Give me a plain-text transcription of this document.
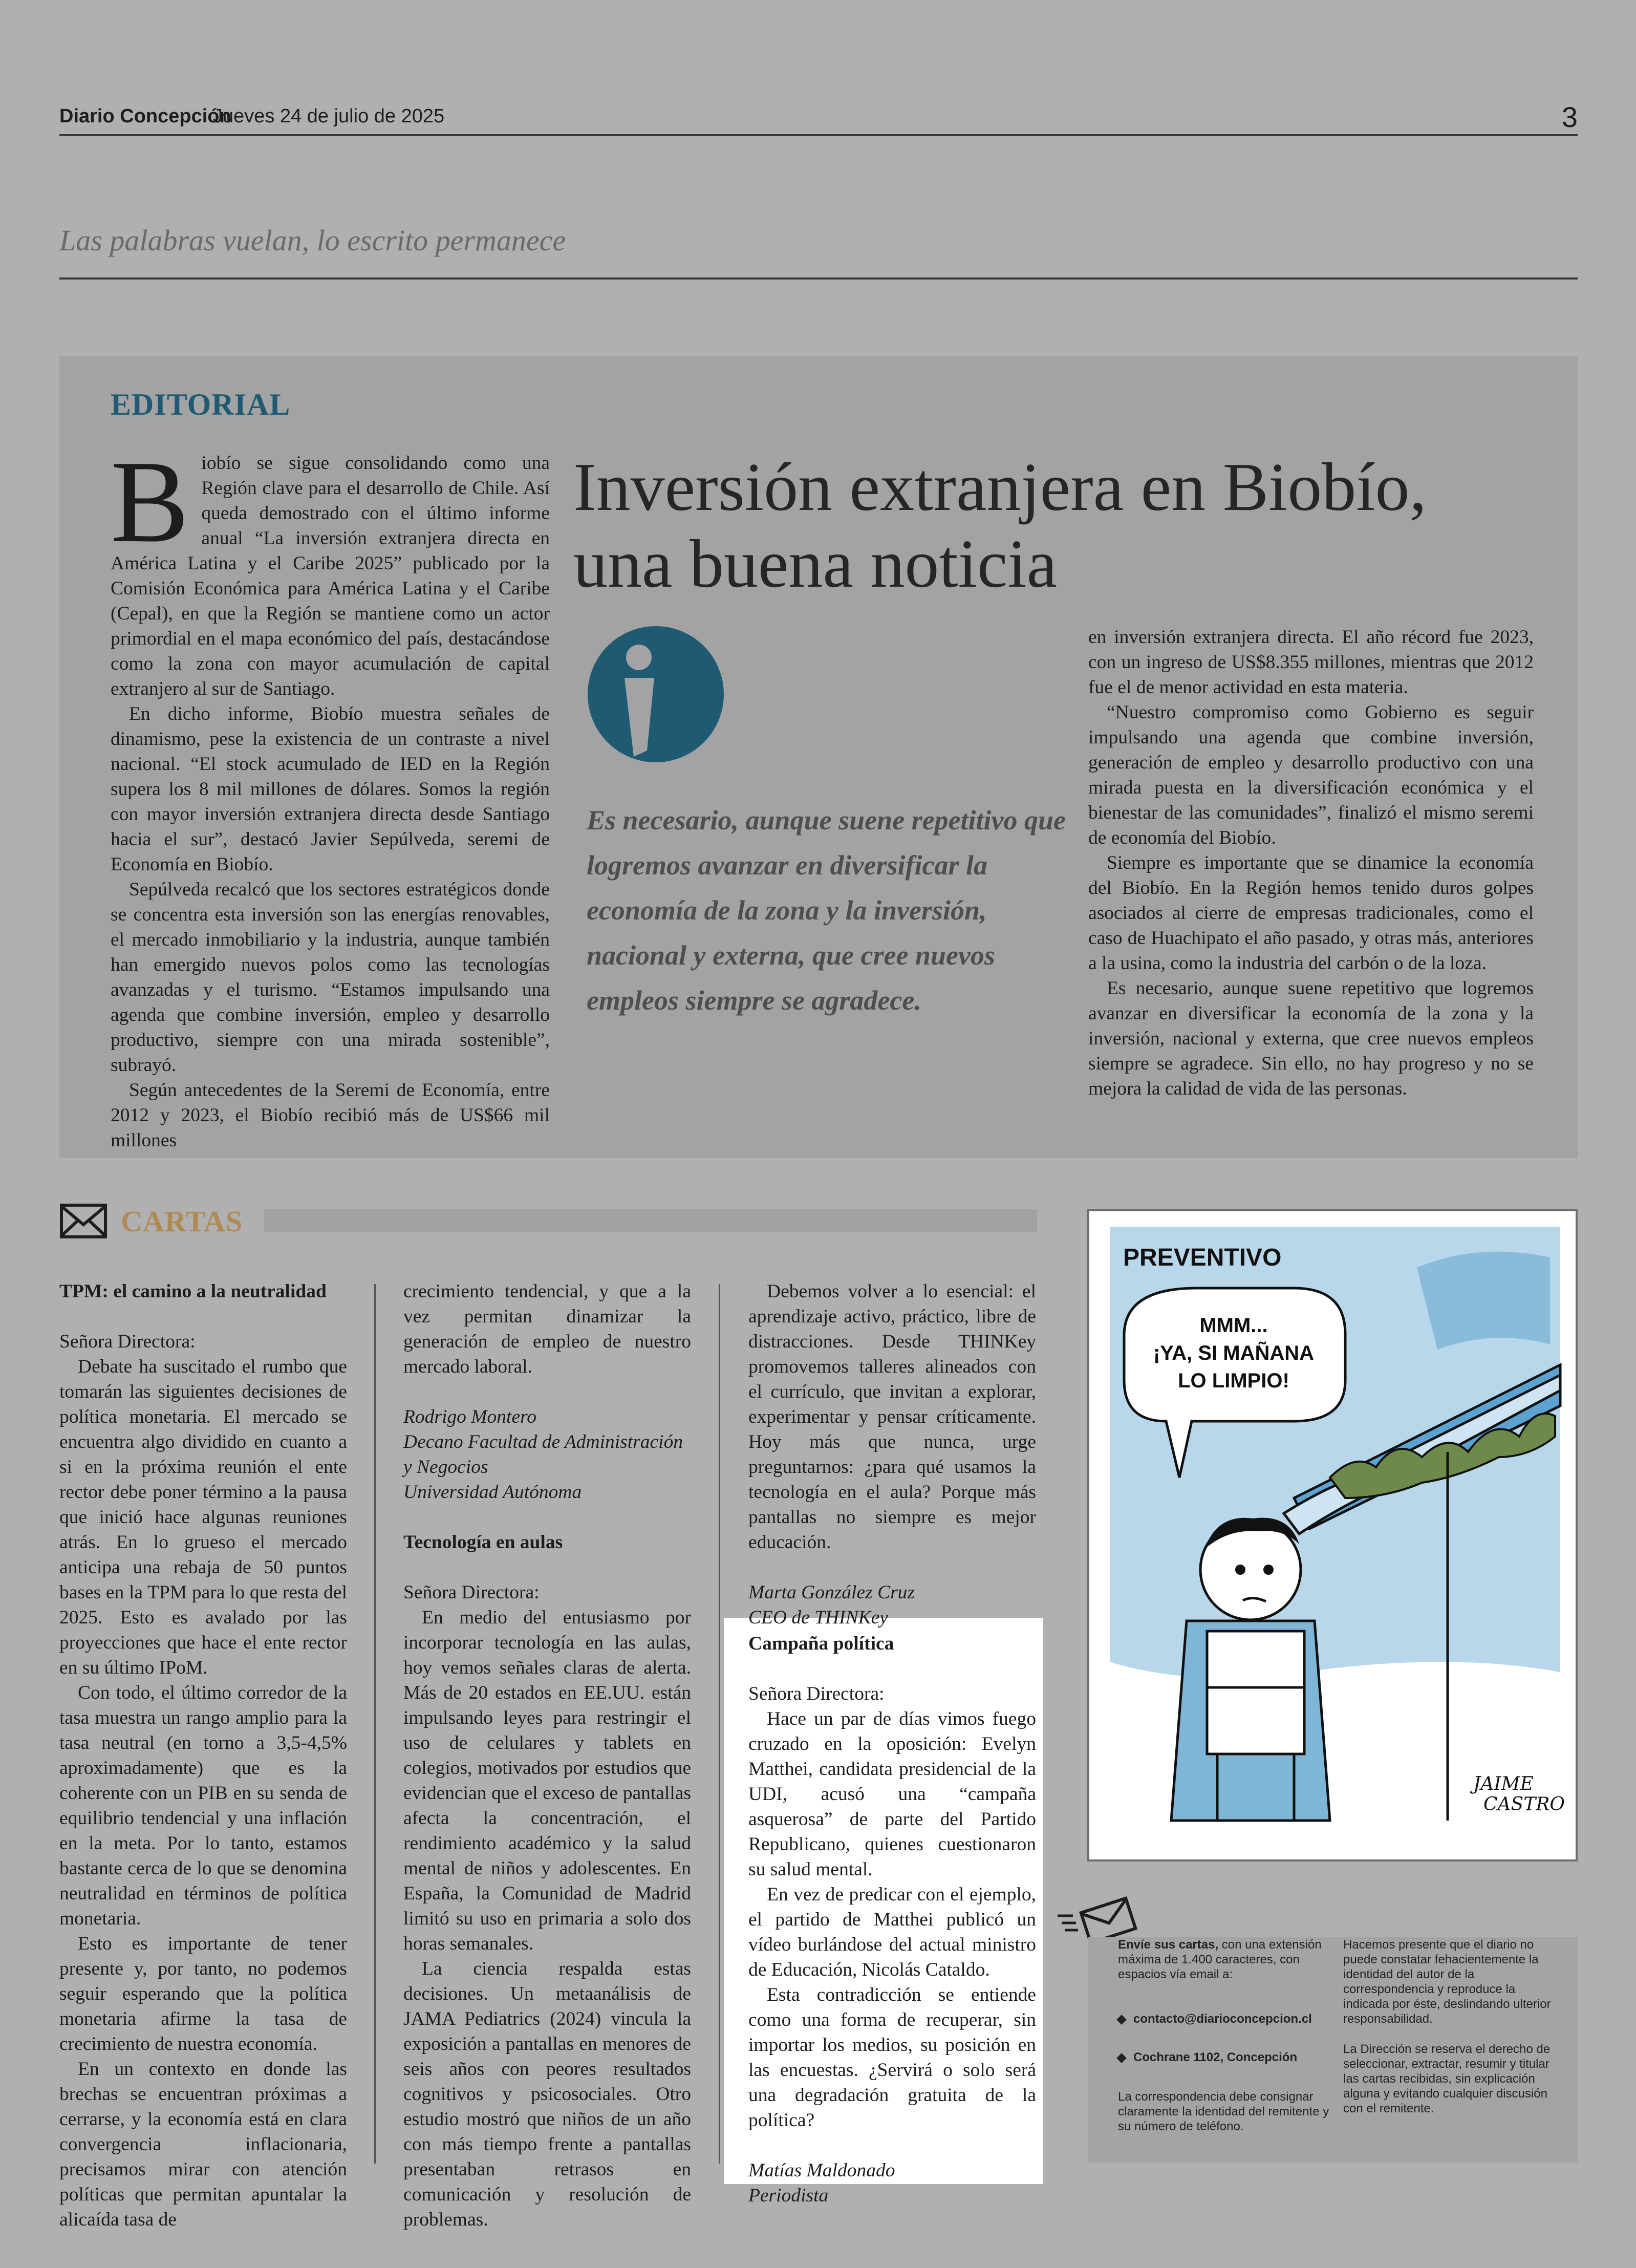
Diario Concepción
Jueves 24 de julio de 2025	3
Las palabras vuelan, lo escrito permanece
EDITORIAL
B iobío se sigue consolidando como una Región clave para el desarrollo de Chile. Así queda demostrado con el último informe anual “La inversión extranjera directa en América Latina y el Caribe 2025” publicado por la Comisión Económica para América Latina y el Caribe (Cepal), en que la Región se mantiene como un actor primordial en el mapa económico del país, destacándose como la zona con mayor acumulación de capital extranjero al sur de Santiago.

En dicho informe, Biobío muestra señales de dinamismo, pese la existencia de un contraste a nivel nacional. “El stock acumulado de IED en la Región supera los 8 mil millones de dólares. Somos la región con mayor inversión extranjera directa desde Santiago hacia el sur”, destacó Javier Sepúlveda, seremi de Economía en Biobío.

Sepúlveda recalcó que los sectores estratégicos donde se concentra esta inversión son las energías renovables, el mercado inmobiliario y la industria, aunque también han emergido nuevos polos como las tecnologías avanzadas y el turismo. “Estamos impulsando una agenda que combine inversión, empleo y desarrollo productivo, siempre con una mirada sostenible”, subrayó.

Según antecedentes de la Seremi de Economía, entre 2012 y 2023, el Biobío recibió más de US$66 mil millones

Inversión extranjera en Biobío, una buena noticia
Es necesario, aunque suene repetitivo que logremos avanzar en diversificar la economía de la zona y la inversión, nacional y externa, que cree nuevos empleos siempre se agradece.

en inversión extranjera directa. El año récord fue 2023, con un ingreso de US$8.355 millones, mientras que 2012 fue el de menor actividad en esta materia.

“Nuestro compromiso como Gobierno es seguir impulsando una agenda que combine inversión, generación de empleo y desarrollo productivo con una mirada puesta en la diversificación económica y el bienestar de las comunidades”, finalizó el mismo seremi de economía del Biobío.

Siempre es importante que se dinamice la economía del Biobío. En la Región hemos tenido duros golpes asociados al cierre de empresas tradicionales, como el caso de Huachipato el año pasado, y otras más, anteriores a la usina, como la industria del carbón o de la loza.

Es necesario, aunque suene repetitivo que logremos avanzar en diversificar la economía de la zona y la inversión, nacional y externa, que cree nuevos empleos siempre se agradece. Sin ello, no hay progreso y no se mejora la calidad de vida de las personas.

CARTAS

TPM: el camino a la neutralidad

Señora Directora:

Debate ha suscitado el rumbo que tomarán las siguientes decisiones de política monetaria. El mercado se encuentra algo dividido en cuanto a si en la próxima reunión el ente rector debe poner término a la pausa que inició hace algunas reuniones atrás. En lo grueso el mercado anticipa una rebaja de 50 puntos bases en la TPM para lo que resta del 2025. Esto es avalado por las proyecciones que hace el ente rector en su último IPoM.

Con todo, el último corredor de la tasa muestra un rango amplio para la tasa neutral (en torno a 3,5-4,5% aproximadamente) que es la coherente con un PIB en su senda de equilibrio tendencial y una inflación en la meta. Por lo tanto, estamos bastante cerca de lo que se denomina neutralidad en términos de política monetaria.

Esto es importante de tener presente y, por tanto, no podemos seguir esperando que la política monetaria afirme la tasa de crecimiento de nuestra economía.

En un contexto en donde las brechas se encuentran próximas a cerrarse, y la economía está en clara convergencia inflacionaria, precisamos mirar con atención políticas que permitan apuntalar la alicaída tasa de

crecimiento tendencial, y que a la vez permitan dinamizar la generación de empleo de nuestro mercado laboral.

Rodrigo Montero

Decano Facultad de Administración y Negocios

Universidad Autónoma

Tecnología en aulas

Señora Directora:

En medio del entusiasmo por incorporar tecnología en las aulas, hoy vemos señales claras de alerta. Más de 20 estados en EE.UU. están impulsando leyes para restringir el uso de celulares y tablets en colegios, motivados por estudios que evidencian que el exceso de pantallas afecta la concentración, el rendimiento académico y la salud mental de niños y adolescentes. En España, la Comunidad de Madrid limitó su uso en primaria a solo dos horas semanales.

La ciencia respalda estas decisiones. Un metaanálisis de JAMA Pediatrics (2024) vincula la exposición a pantallas en menores de seis años con peores resultados cognitivos y psicosociales. Otro estudio mostró que niños de un año con más tiempo frente a pantallas presentaban retrasos en comunicación y resolución de problemas.

Debemos volver a lo esencial: el aprendizaje activo, práctico, libre de distracciones. Desde THINKey promovemos talleres alineados con el currículo, que invitan a explorar, experimentar y pensar críticamente. Hoy más que nunca, urge preguntarnos: ¿para qué usamos la tecnología en el aula? Porque más pantallas no siempre es mejor educación.

Marta González Cruz

CEO de THINKey

Campaña política

Señora Directora:

Hace un par de días vimos fuego cruzado en la oposición: Evelyn Matthei, candidata presidencial de la UDI, acusó una “campaña asquerosa” de parte del Partido Republicano, quienes cuestionaron su salud mental.

En vez de predicar con el ejemplo, el partido de Matthei publicó un vídeo burlándose del actual ministro de Educación, Nicolás Cataldo.

Esta contradicción se entiende como una forma de recuperar, sin importar los medios, su posición en las encuestas. ¿Servirá o solo será una degradación gratuita de la política?

Matías Maldonado

Periodista

PREVENTIVO
MMM...
¡YA, SI MAÑANA
LO LIMPIO!
JAIME
CASTRO

Envíe sus cartas, con una extensión máxima de 1.400 caracteres, con espacios vía email a:

contacto@diarioconcepcion.cl

Cochrane 1102, Concepción

La correspondencia debe consignar claramente la identidad del remitente y su número de teléfono.

Hacemos presente que el diario no puede constatar fehacientemente la identidad del autor de la correspondencia y reproduce la indicada por éste, deslindando ulterior responsabilidad.

La Dirección se reserva el derecho de seleccionar, extractar, resumir y titular las cartas recibidas, sin explicación alguna y evitando cualquier discusión con el remitente.
